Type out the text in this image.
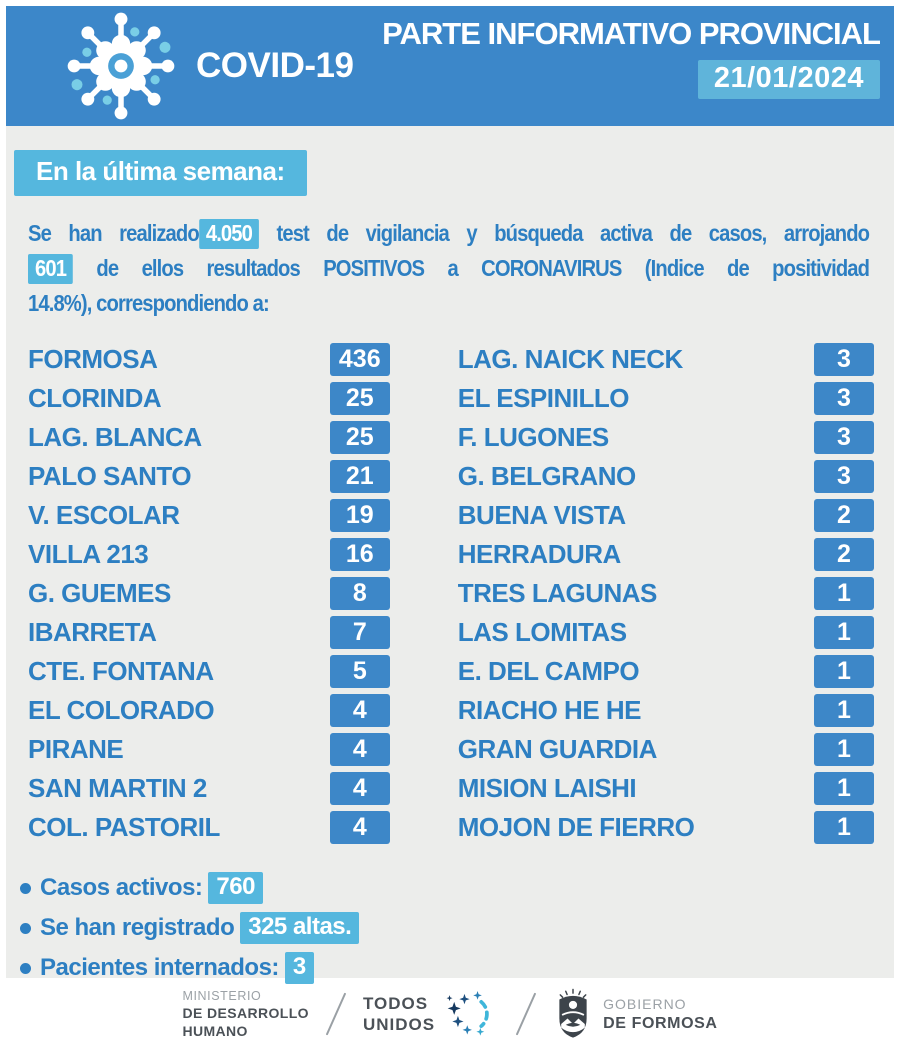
COVID-19
PARTE INFORMATIVO PROVINCIAL
21/01/2024
En la última semana:

Se han realizado 4.050 test de vigilancia y búsqueda activa de casos, arrojando
601 de ellos resultados POSITIVOS a CORONAVIRUS (Indice de positividad
14.8%), correspondiendo a:

FORMOSA	436
CLORINDA	25
LAG. BLANCA	25
PALO SANTO	21
V. ESCOLAR	19
VILLA 213	16
G. GUEMES	8
IBARRETA	7
CTE. FONTANA	5
EL COLORADO	4
PIRANE	4
SAN MARTIN 2	4
COL. PASTORIL	4
LAG. NAICK NECK	3
EL ESPINILLO	3
F. LUGONES	3
G. BELGRANO	3
BUENA VISTA	2
HERRADURA	2
TRES LAGUNAS	1
LAS LOMITAS	1
E. DEL CAMPO	1
RIACHO HE HE	1
GRAN GUARDIA	1
MISION LAISHI	1
MOJON DE FIERRO	1
Casos activos: 760
Se han registrado 325 altas.
Pacientes internados: 3
MINISTERIO
DE DESARROLLO
HUMANO
TODOS
UNIDOS
GOBIERNO
DE FORMOSA
